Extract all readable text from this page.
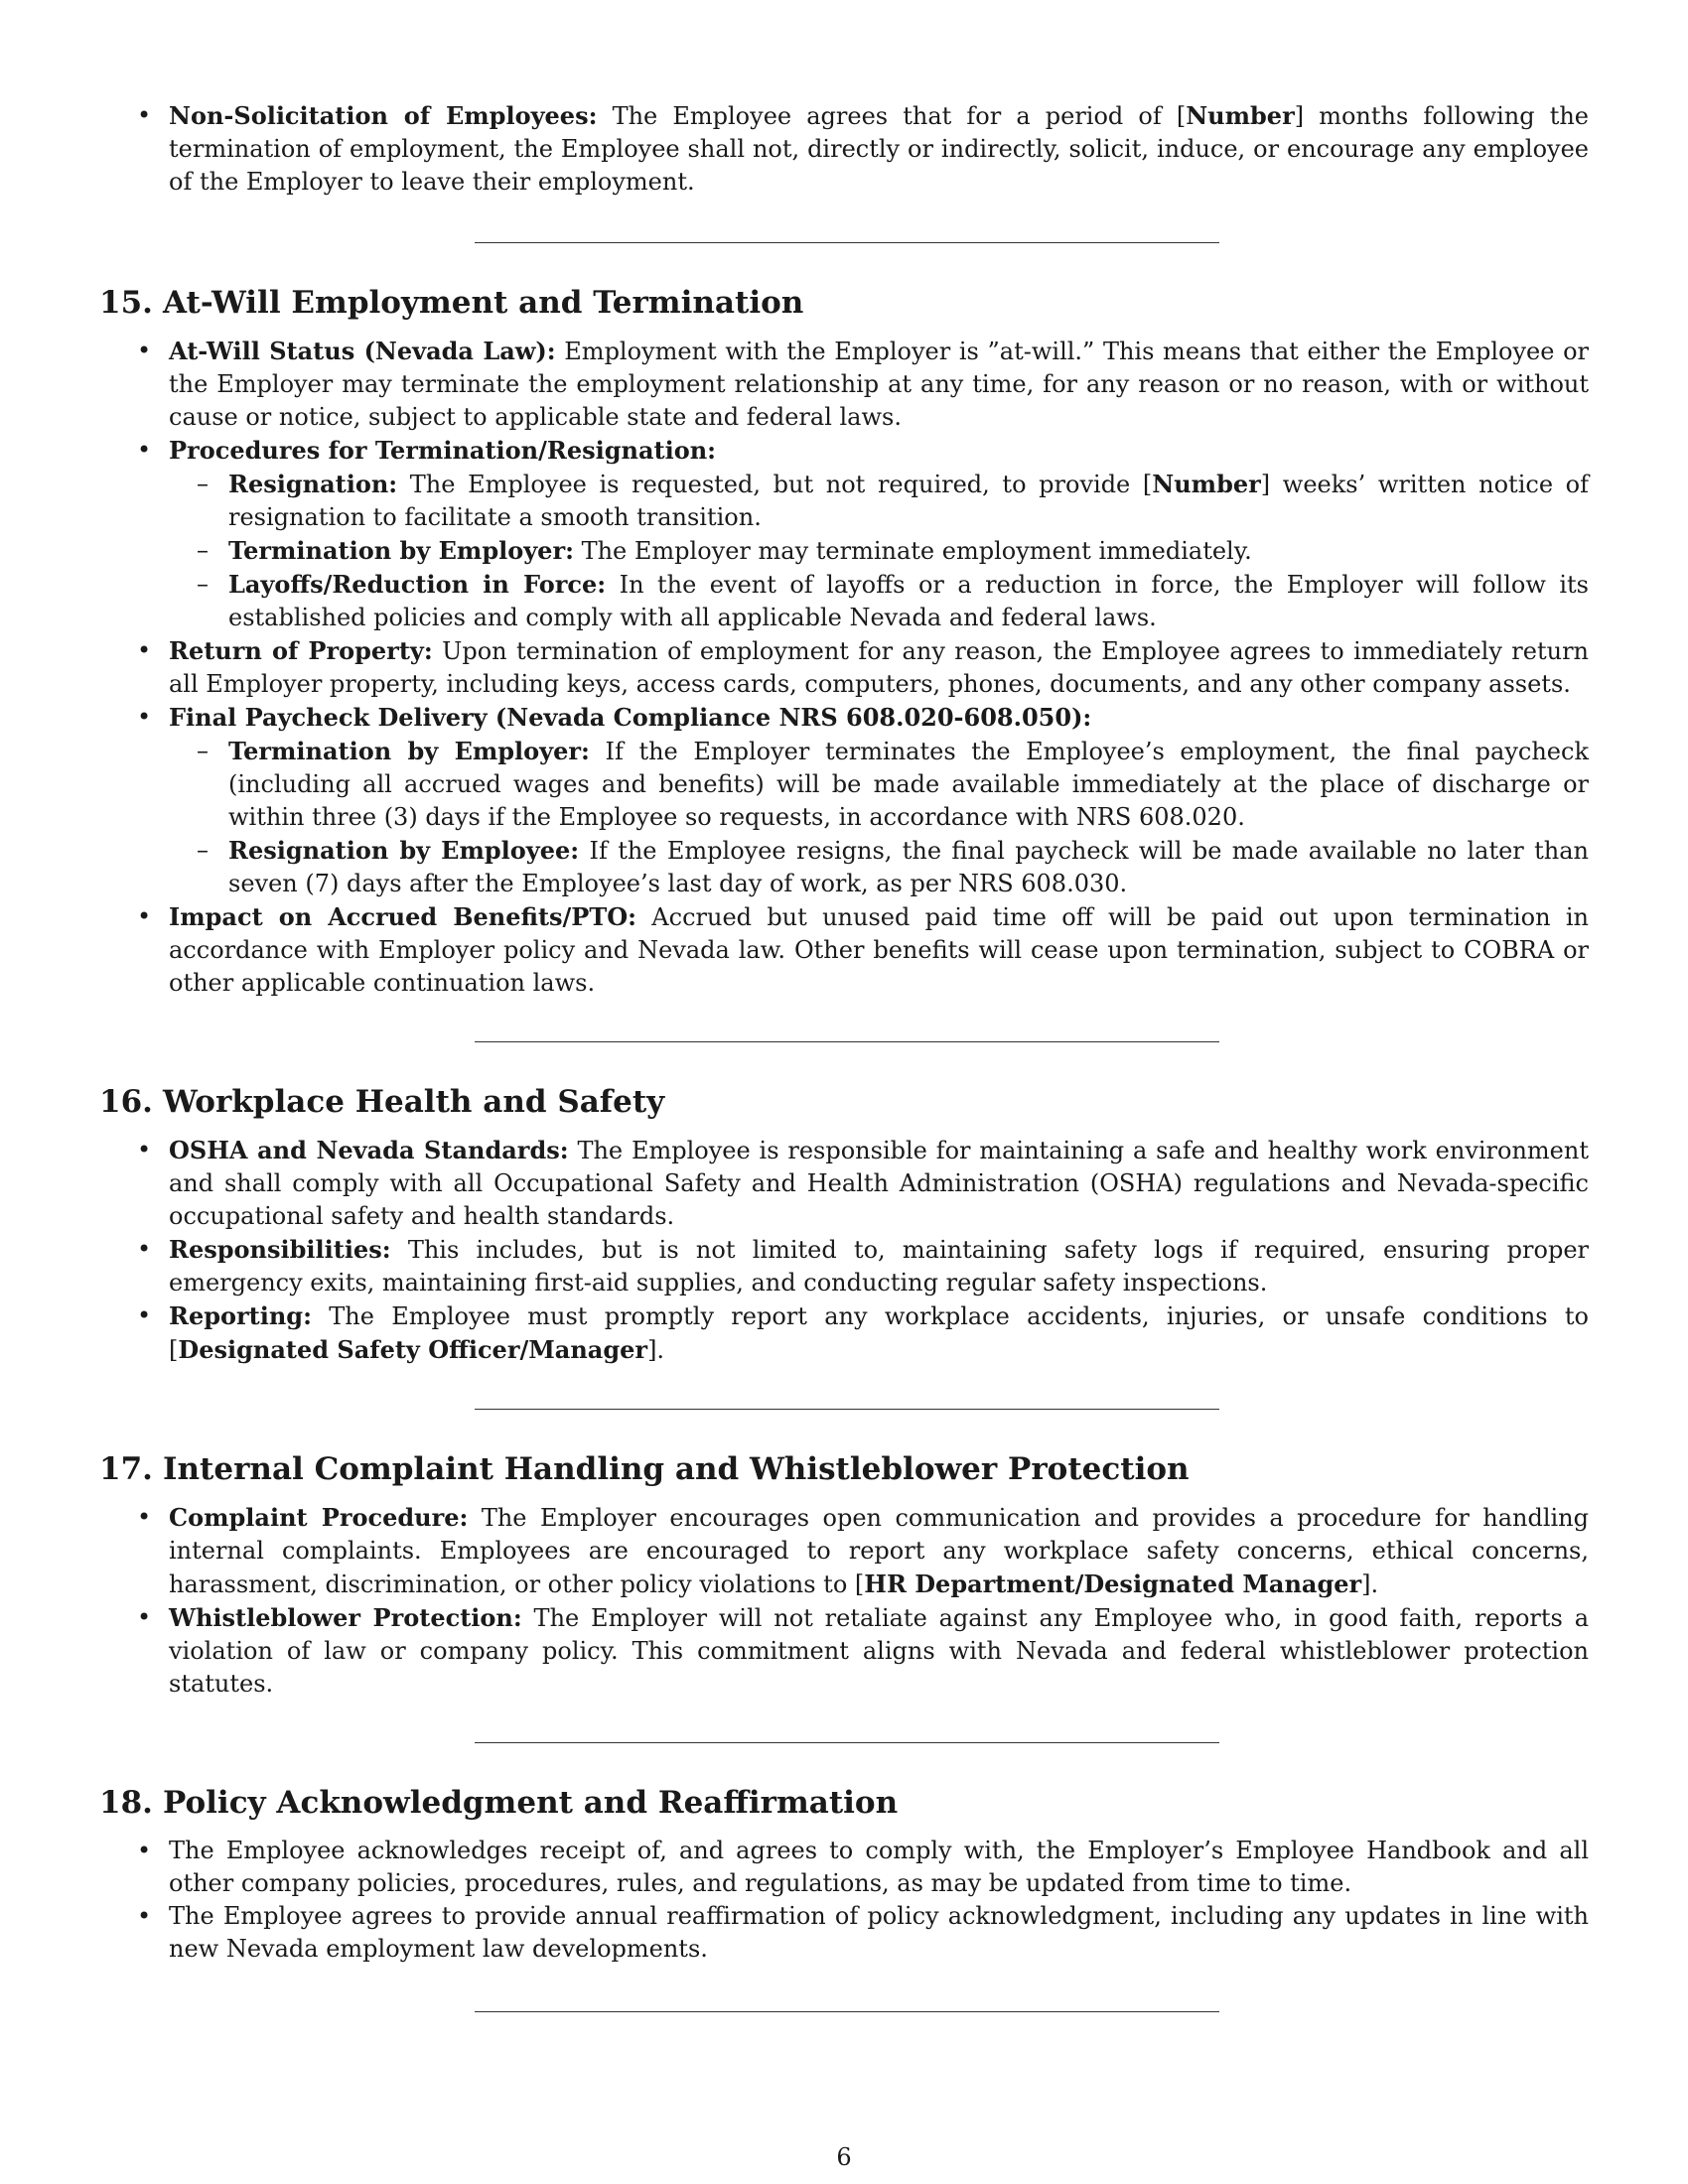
• Non-Solicitation of Employees: The Employee agrees that for a period of [Number] months following the termination of employment, the Employee shall not, directly or indirectly, solicit, induce, or encourage any employee of the Employer to leave their employment.
15. At-Will Employment and Termination
• At-Will Status (Nevada Law): Employment with the Employer is ”at-will.” This means that either the Employee or the Employer may terminate the employment relationship at any time, for any reason or no reason, with or without cause or notice, subject to applicable state and federal laws.
• Procedures for Termination/Resignation:
– Resignation: The Employee is requested, but not required, to provide [Number] weeks’ written notice of resignation to facilitate a smooth transition.
– Termination by Employer: The Employer may terminate employment immediately.
– Layoffs/Reduction in Force: In the event of layoffs or a reduction in force, the Employer will follow its established policies and comply with all applicable Nevada and federal laws.
• Return of Property: Upon termination of employment for any reason, the Employee agrees to immediately return all Employer property, including keys, access cards, computers, phones, documents, and any other company assets.
• Final Paycheck Delivery (Nevada Compliance NRS 608.020-608.050):
– Termination by Employer: If the Employer terminates the Employee’s employment, the final paycheck (including all accrued wages and benefits) will be made available immediately at the place of discharge or within three (3) days if the Employee so requests, in accordance with NRS 608.020.
– Resignation by Employee: If the Employee resigns, the final paycheck will be made available no later than seven (7) days after the Employee’s last day of work, as per NRS 608.030.
• Impact on Accrued Benefits/PTO: Accrued but unused paid time off will be paid out upon termination in accordance with Employer policy and Nevada law. Other benefits will cease upon termination, subject to COBRA or other applicable continuation laws.
16. Workplace Health and Safety
• OSHA and Nevada Standards: The Employee is responsible for maintaining a safe and healthy work environment and shall comply with all Occupational Safety and Health Administration (OSHA) regulations and Nevada-specific occupational safety and health standards.
• Responsibilities: This includes, but is not limited to, maintaining safety logs if required, ensuring proper emergency exits, maintaining first-aid supplies, and conducting regular safety inspections.
• Reporting: The Employee must promptly report any workplace accidents, injuries, or unsafe conditions to [Designated Safety Officer/Manager].
17. Internal Complaint Handling and Whistleblower Protection
• Complaint Procedure: The Employer encourages open communication and provides a procedure for handling internal complaints. Employees are encouraged to report any workplace safety concerns, ethical concerns, harassment, discrimination, or other policy violations to [HR Department/Designated Manager].
• Whistleblower Protection: The Employer will not retaliate against any Employee who, in good faith, reports a violation of law or company policy. This commitment aligns with Nevada and federal whistleblower protection statutes.
18. Policy Acknowledgment and Reaffirmation
• The Employee acknowledges receipt of, and agrees to comply with, the Employer’s Employee Handbook and all other company policies, procedures, rules, and regulations, as may be updated from time to time.
• The Employee agrees to provide annual reaffirmation of policy acknowledgment, including any updates in line with new Nevada employment law developments.
6
